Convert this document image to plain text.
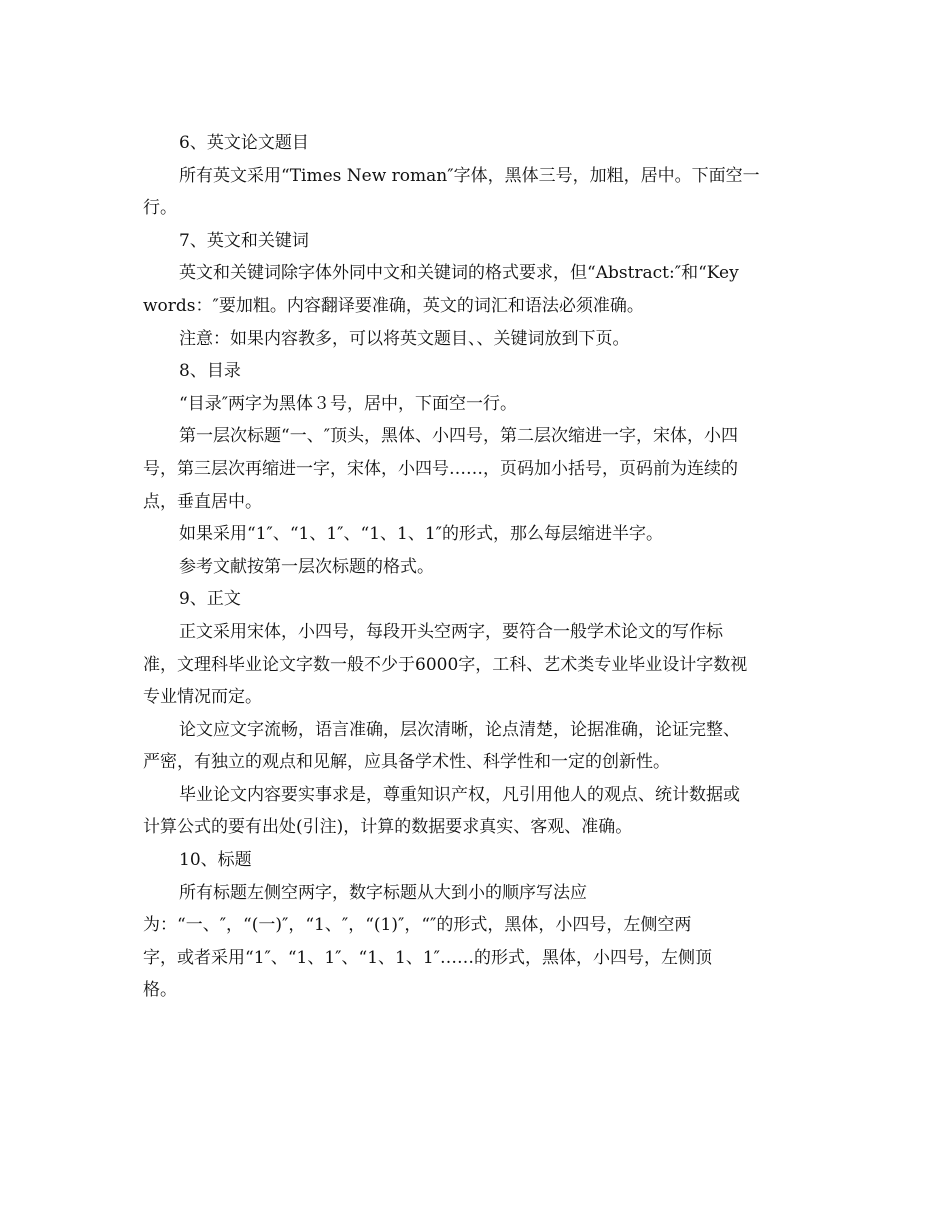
6、英文论文题目

所有英文采用“Times New roman″字体，黑体三号，加粗，居中。下面空一
行。

7、英文和关键词

英文和关键词除字体外同中文和关键词的格式要求，但“Abstract:″和“Key
words：″要加粗。内容翻译要准确，英文的词汇和语法必须准确。

注意：如果内容教多，可以将英文题目、、关键词放到下页。

8、目录

“目录″两字为黑体３号，居中，下面空一行。

第一层次标题“一、″顶头，黑体、小四号，第二层次缩进一字，宋体，小四
号，第三层次再缩进一字，宋体，小四号……，页码加小括号，页码前为连续的
点，垂直居中。

如果采用“1″、“1、1″、“1、1、1″的形式，那么每层缩进半字。

参考文献按第一层次标题的格式。

9、正文

正文采用宋体，小四号，每段开头空两字，要符合一般学术论文的写作标
准，文理科毕业论文字数一般不少于6000字，工科、艺术类专业毕业设计字数视
专业情况而定。

论文应文字流畅，语言准确，层次清晰，论点清楚，论据准确，论证完整、
严密，有独立的观点和见解，应具备学术性、科学性和一定的创新性。

毕业论文内容要实事求是，尊重知识产权，凡引用他人的观点、统计数据或
计算公式的要有出处(引注)，计算的数据要求真实、客观、准确。

10、标题

所有标题左侧空两字，数字标题从大到小的顺序写法应
为：“一、″，“(一)″，“1、″，“(1)″，“″的形式，黑体，小四号，左侧空两
字，或者采用“1″、“1、1″、“1、1、1″……的形式，黑体，小四号，左侧顶
格。
